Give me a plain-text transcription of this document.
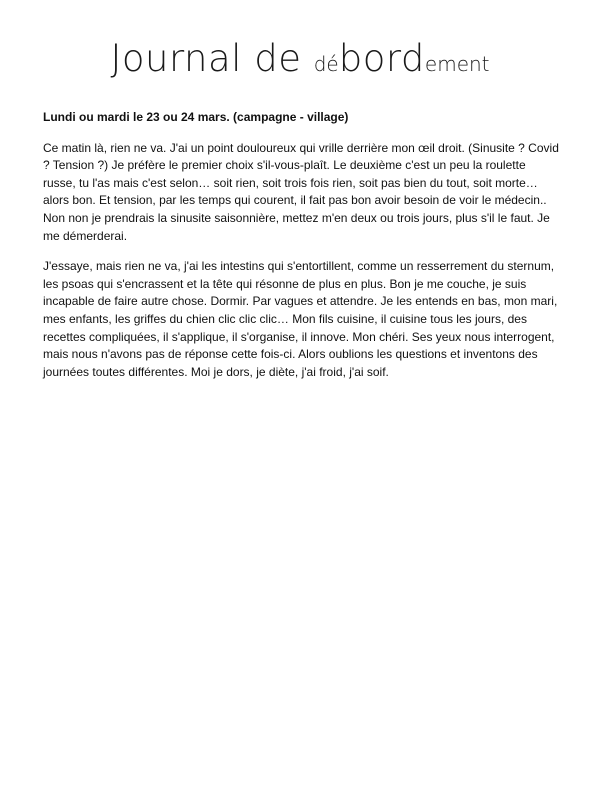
Journal de débordement

Lundi ou mardi le 23 ou 24 mars. (campagne - village)

Ce matin là, rien ne va. J'ai un point douloureux qui vrille derrière mon œil droit. (Sinusite ? Covid ? Tension ?) Je préfère le premier choix s'il-vous-plaît. Le deuxième c'est un peu la roulette russe, tu l'as mais c'est selon… soit rien, soit trois fois rien, soit pas bien du tout, soit morte… alors bon. Et tension, par les temps qui courent, il fait pas bon avoir besoin de voir le médecin.. Non non je prendrais la sinusite saisonnière, mettez m'en deux ou trois jours, plus s'il le faut. Je me démerderai.

J'essaye, mais rien ne va, j'ai les intestins qui s'entortillent, comme un resserrement du sternum, les psoas qui s'encrassent et la tête qui résonne de plus en plus. Bon je me couche, je suis incapable de faire autre chose. Dormir. Par vagues et attendre. Je les entends en bas, mon mari, mes enfants, les griffes du chien clic clic clic… Mon fils cuisine, il cuisine tous les jours, des recettes compliquées, il s'applique, il s'organise, il innove. Mon chéri. Ses yeux nous interrogent, mais nous n'avons pas de réponse cette fois-ci. Alors oublions les questions et inventons des journées toutes différentes. Moi je dors, je diète, j'ai froid, j'ai soif.
